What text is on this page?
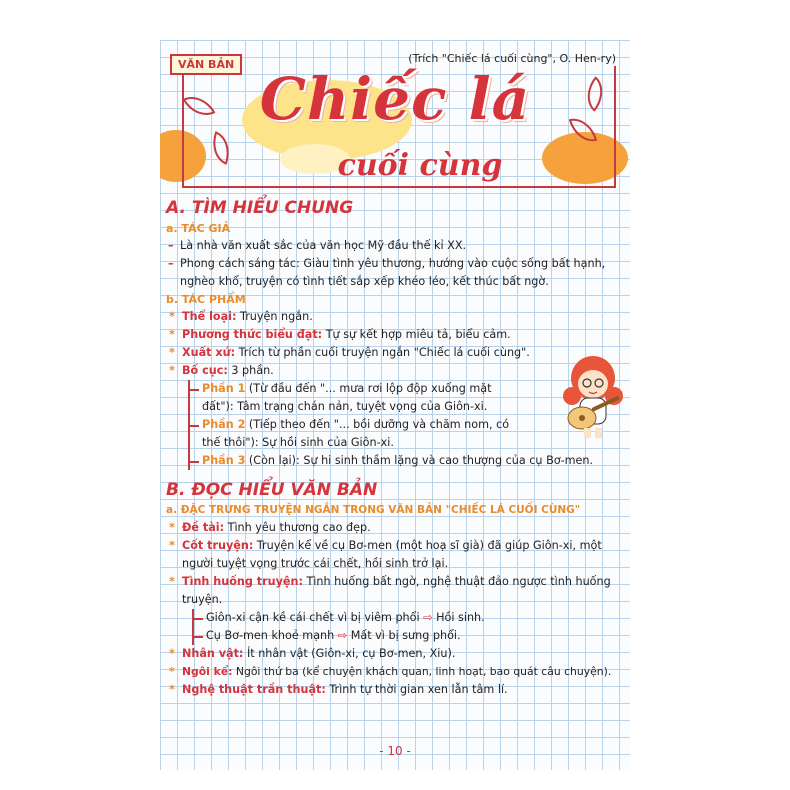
VĂN BẢN	(Trích "Chiếc lá cuối cùng", O. Hen-ry)
Chiếc lá
cuối cùng
A. TÌM HIỂU CHUNG
a. TÁC GIẢ
– Là nhà văn xuất sắc của văn học Mỹ đầu thế kỉ XX.
– Phong cách sáng tác: Giàu tình yêu thương, hướng vào cuộc sống bất hạnh, nghèo khổ, truyện có tình tiết sắp xếp khéo léo, kết thúc bất ngờ.
b. TÁC PHẨM
* Thể loại: Truyện ngắn.
* Phương thức biểu đạt: Tự sự kết hợp miêu tả, biểu cảm.
* Xuất xứ: Trích từ phần cuối truyện ngắn "Chiếc lá cuối cùng".
* Bố cục: 3 phần.
Phần 1 (Từ đầu đến "... mưa rơi lộp độp xuống mặt đất"): Tâm trạng chán nản, tuyệt vọng của Giôn-xi.
Phần 2 (Tiếp theo đến "... bồi dưỡng và chăm nom, có thế thôi"): Sự hồi sinh của Giôn-xi.
Phần 3 (Còn lại): Sự hi sinh thầm lặng và cao thượng của cụ Bơ-men.
B. ĐỌC HIỂU VĂN BẢN
a. ĐẶC TRƯNG TRUYỆN NGẮN TRONG VĂN BẢN "CHIẾC LÁ CUỐI CÙNG"
* Đề tài: Tình yêu thương cao đẹp.
* Cốt truyện: Truyện kể về cụ Bơ-men (một hoạ sĩ già) đã giúp Giôn-xi, một người tuyệt vọng trước cái chết, hồi sinh trở lại.
* Tình huống truyện: Tình huống bất ngờ, nghệ thuật đảo ngược tình huống truyện.
Giôn-xi cận kề cái chết vì bị viêm phổi ⇨ Hồi sinh.
Cụ Bơ-men khoẻ mạnh ⇨ Mất vì bị sưng phổi.
* Nhân vật: Ít nhân vật (Giôn-xi, cụ Bơ-men, Xiu).
* Ngôi kể: Ngôi thứ ba (kể chuyện khách quan, linh hoạt, bao quát câu chuyện).
* Nghệ thuật trần thuật: Trình tự thời gian xen lẫn tâm lí.
- 10 -
